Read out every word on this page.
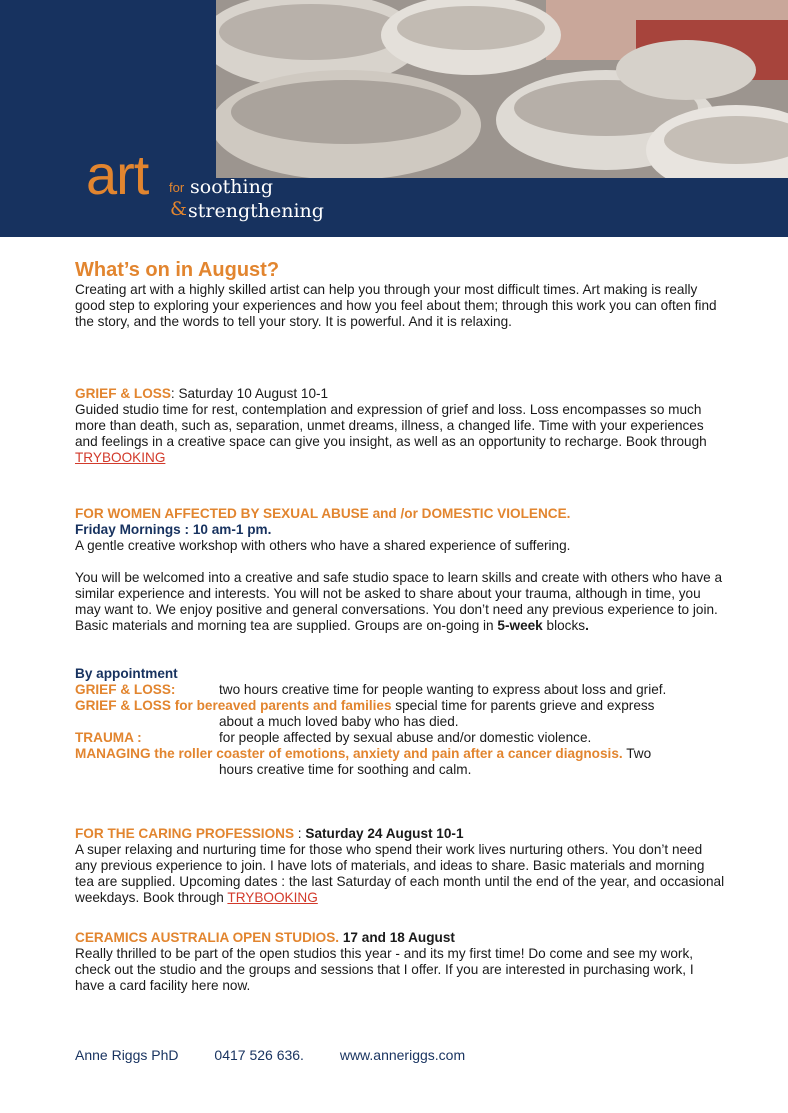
art for soothing
& strengthening
What’s on in August?

Creating art with a highly skilled artist can help you through your most difficult times. Art making is really good step to exploring your experiences and how you feel about them; through this work you can often find the story, and the words to tell your story. It is powerful. And it is relaxing.

GRIEF & LOSS: Saturday 10 August 10-1

Guided studio time for rest, contemplation and expression of grief and loss. Loss encompasses so much more than death, such as, separation, unmet dreams, illness, a changed life. Time with your experiences and feelings in a creative space can give you insight, as well as an opportunity to recharge. Book through TRYBOOKING

FOR WOMEN AFFECTED BY SEXUAL ABUSE and /or DOMESTIC VIOLENCE.

Friday Mornings : 10 am-1 pm.

A gentle creative workshop with others who have a shared experience of suffering.

You will be welcomed into a creative and safe studio space to learn skills and create with others who have a similar experience and interests. You will not be asked to share about your trauma, although in time, you may want to. We enjoy positive and general conversations. You don’t need any previous experience to join. Basic materials and morning tea are supplied. Groups are on-going in 5-week blocks.

By appointment

GRIEF & LOSS:	two hours creative time for people wanting to express about loss and grief.

GRIEF & LOSS for bereaved parents and families special time for parents grieve and express

about a much loved baby who has died.

TRAUMA :	for people affected by sexual abuse and/or domestic violence.

MANAGING the roller coaster of emotions, anxiety and pain after a cancer diagnosis. Two

hours creative time for soothing and calm.

FOR THE CARING PROFESSIONS : Saturday 24 August 10-1

A super relaxing and nurturing time for those who spend their work lives nurturing others. You don’t need any previous experience to join. I have lots of materials, and ideas to share. Basic materials and morning tea are supplied. Upcoming dates : the last Saturday of each month until the end of the year, and occasional weekdays. Book through TRYBOOKING

CERAMICS AUSTRALIA OPEN STUDIOS. 17 and 18 August

Really thrilled to be part of the open studios this year - and its my first time! Do come and see my work, check out the studio and the groups and sessions that I offer. If you are interested in purchasing work, I have a card facility here now.

Anne Riggs PhD	0417 526 636.	www.anneriggs.com
